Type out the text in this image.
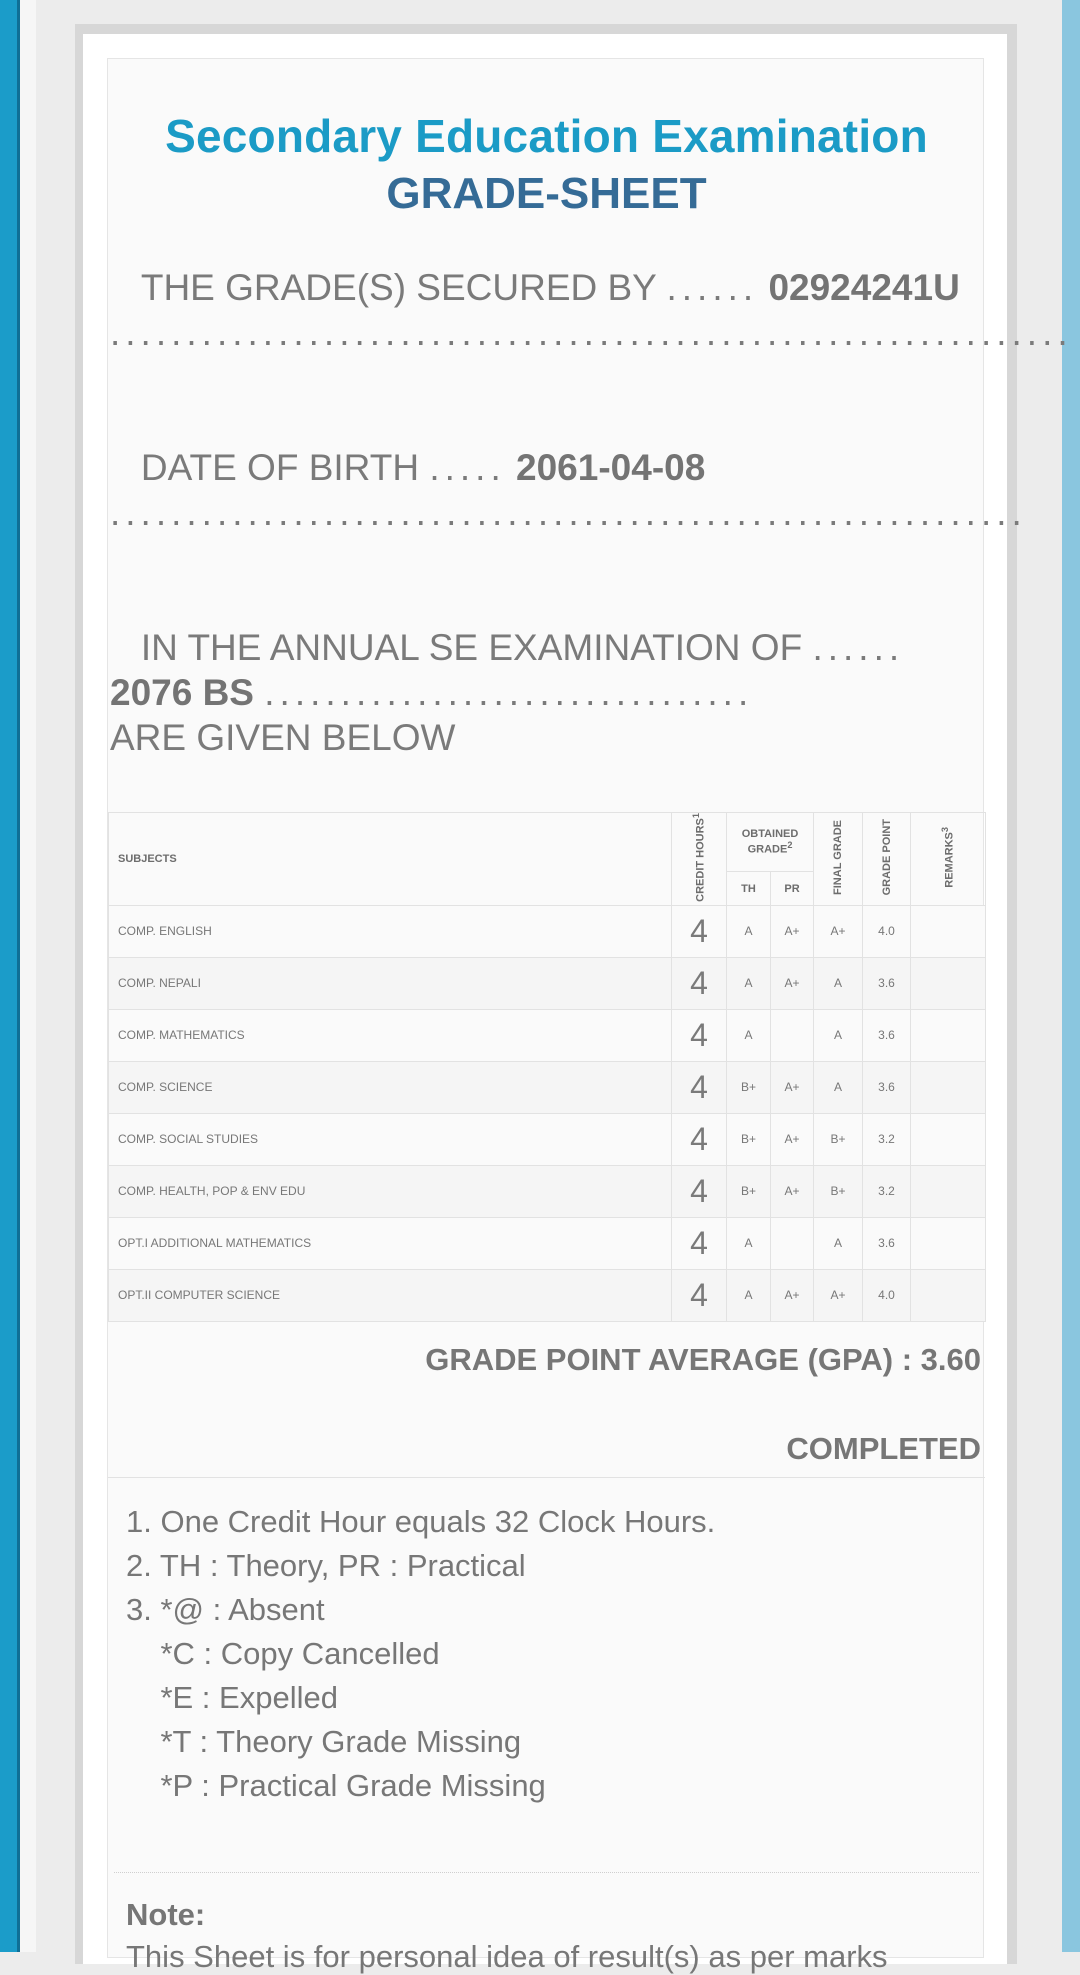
Secondary Education Examination
GRADE-SHEET
THE GRADE(S) SECURED BY ...... 02924241U ...............................................................
DATE OF BIRTH ..... 2061-04-08 ............................................................
IN THE ANNUAL SE EXAMINATION OF ......
2076 BS ................................
ARE GIVEN BELOW
SUBJECTS	CREDIT HOURS$^1$	OBTAINED GRADE$^2$		FINAL GRADE	GRADE POINT	REMARKS$^3$
		TH	PR			
COMP. ENGLISH	4	A	A+	A+	4.0	
COMP. NEPALI	4	A	A+	A	3.6	
COMP. MATHEMATICS	4	A		A	3.6	
COMP. SCIENCE	4	B+	A+	A	3.6	
COMP. SOCIAL STUDIES	4	B+	A+	B+	3.2	
COMP. HEALTH, POP & ENV EDU	4	B+	A+	B+	3.2	
OPT.I ADDITIONAL MATHEMATICS	4	A		A	3.6	
OPT.II COMPUTER SCIENCE	4	A	A+	A+	4.0	
GRADE POINT AVERAGE (GPA) : 3.60
COMPLETED
1. One Credit Hour equals 32 Clock Hours.
2. TH : Theory, PR : Practical
3. *@ : Absent
*C : Copy Cancelled
*E : Expelled
*T : Theory Grade Missing
*P : Practical Grade Missing
Note:
This Sheet is for personal idea of result(s) as per marks
